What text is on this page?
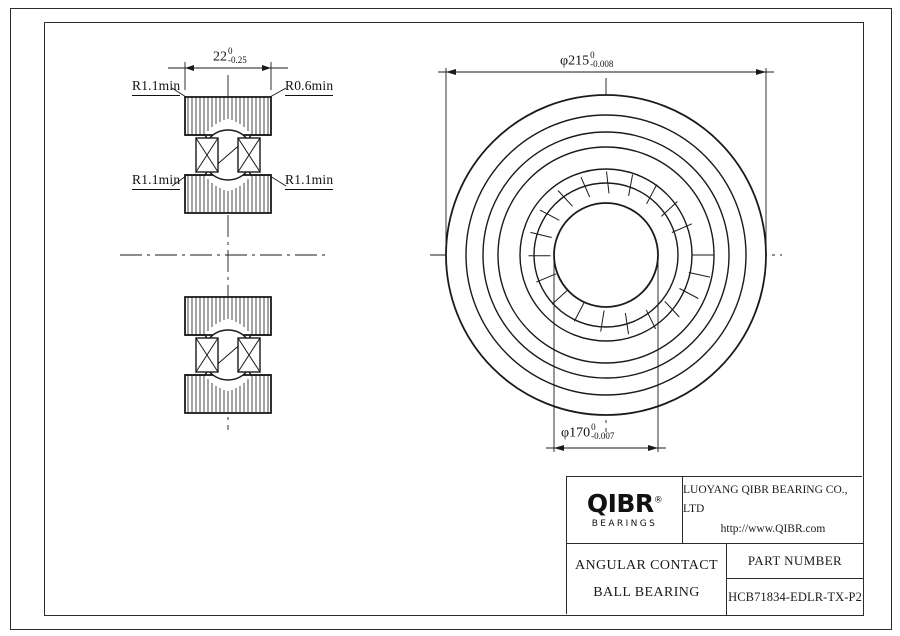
22 0
-0.25
R1.1min	R0.6min
R1.1min	R1.1min
φ215 0
-0.008
φ170 0
-0.007
QIBR®
BEARINGS
LUOYANG QIBR BEARING CO., LTD
http://www.QIBR.com
ANGULAR CONTACT
BALL BEARING
PART NUMBER
HCB71834-EDLR-TX-P2
